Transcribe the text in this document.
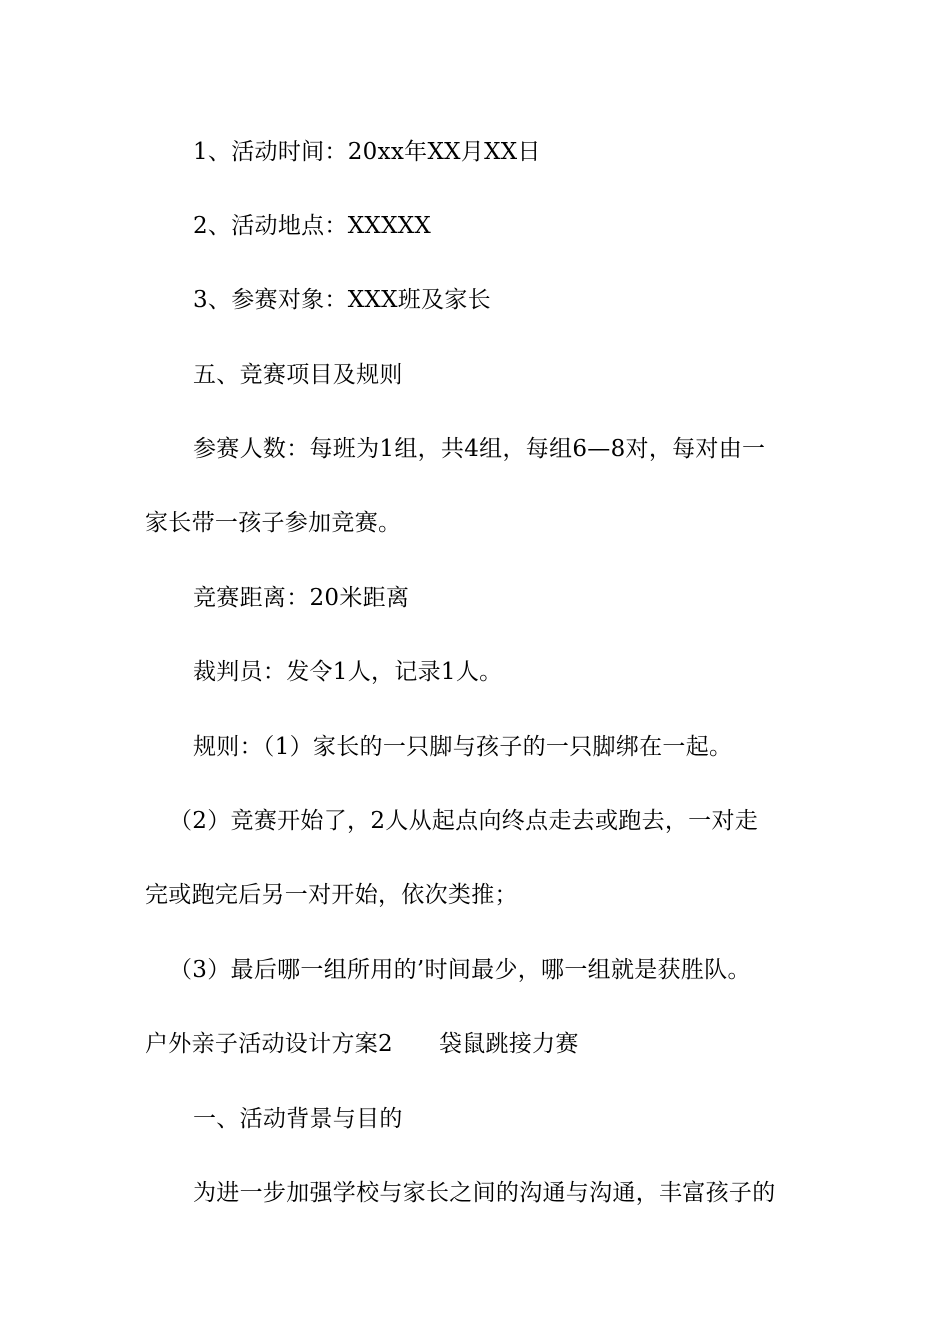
1、活动时间：20xx年XX月XX日
2、活动地点：XXXXX
3、参赛对象：XXX班及家长
五、竞赛项目及规则
参赛人数：每班为1组，共4组，每组6—8对，每对由一
家长带一孩子参加竞赛。
竞赛距离：20米距离
裁判员：发令1人，记录1人。
规则：（1）家长的一只脚与孩子的一只脚绑在一起。
（2）竞赛开始了，2人从起点向终点走去或跑去，一对走
完或跑完后另一对开始，依次类推；
（3）最后哪一组所用的’时间最少，哪一组就是获胜队。
户外亲子活动设计方案2 袋鼠跳接力赛
一、活动背景与目的
为进一步加强学校与家长之间的沟通与沟通，丰富孩子的
